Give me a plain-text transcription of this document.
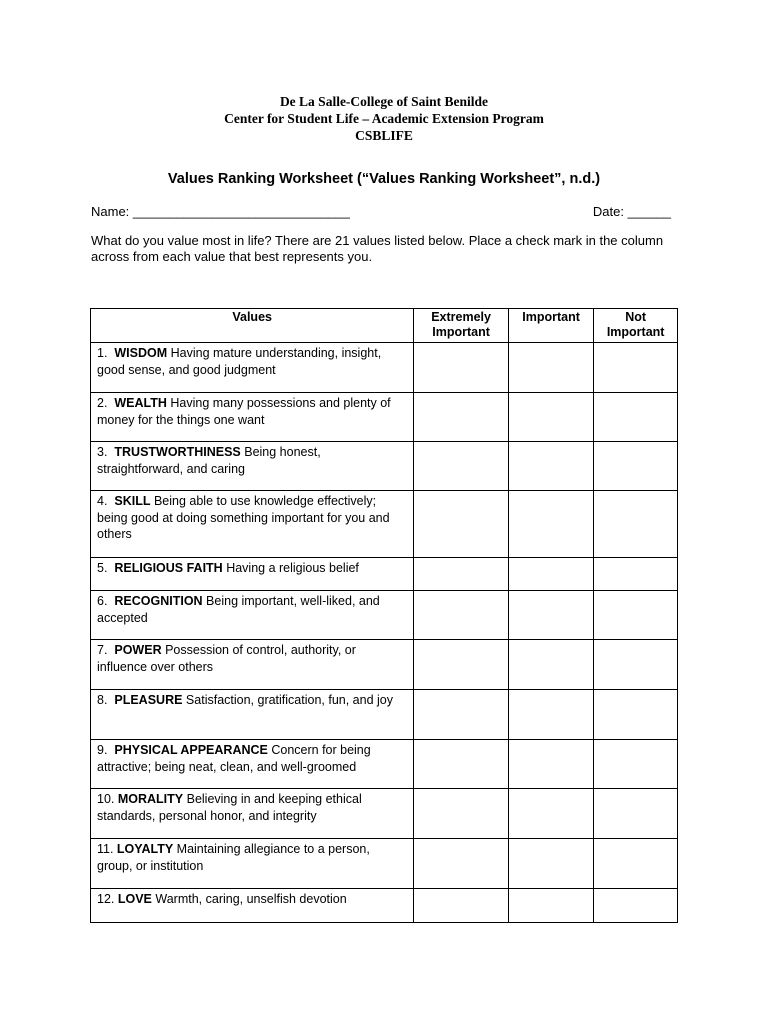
De La Salle-College of Saint Benilde
Center for Student Life – Academic Extension Program
CSBLIFE
Values Ranking Worksheet (“Values Ranking Worksheet”, n.d.)
Name: ______________________________	Date: ______
What do you value most in life? There are 21 values listed below. Place a check mark in the column across from each value that best represents you.
Values	Extremely Important	Important	Not Important
1.  WISDOM Having mature understanding, insight, good sense, and good judgment			
2.  WEALTH Having many possessions and plenty of money for the things one want			
3.  TRUSTWORTHINESS Being honest, straightforward, and caring			
4.  SKILL Being able to use knowledge effectively; being good at doing something important for you and others			
5.  RELIGIOUS FAITH Having a religious belief			
6.  RECOGNITION Being important, well-liked, and accepted			
7.  POWER Possession of control, authority, or influence over others			
8.  PLEASURE Satisfaction, gratification, fun, and joy			
9.  PHYSICAL APPEARANCE Concern for being attractive; being neat, clean, and well-groomed			
10. MORALITY Believing in and keeping ethical standards, personal honor, and integrity			
11. LOYALTY Maintaining allegiance to a person, group, or institution			
12. LOVE Warmth, caring, unselfish devotion			
